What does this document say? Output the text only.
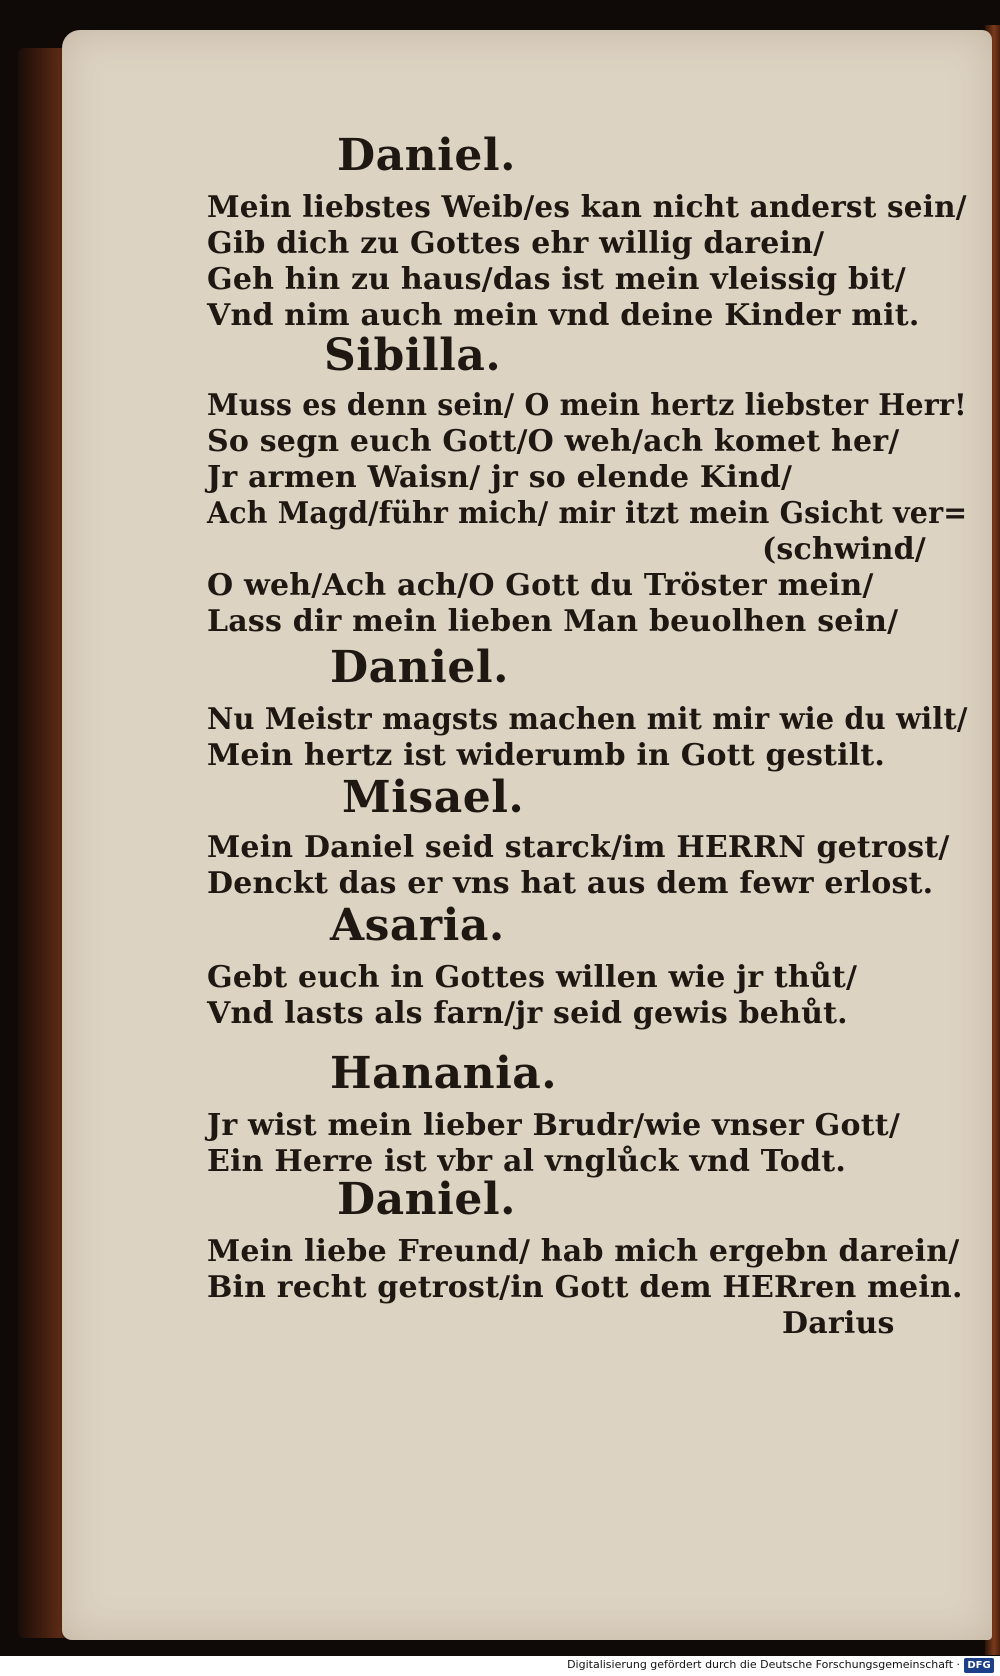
Daniel.
Mein liebstes Weib/es kan nicht anderst sein/
Gib dich zu Gottes ehr willig darein/
Geh hin zu haus/das ist mein vleissig bit/
Vnd nim auch mein vnd deine Kinder mit.
Sibilla.
Muss es denn sein/ O mein hertz liebster Herr!
So segn euch Gott/O weh/ach komet her/
Jr armen Waisn/ jr so elende Kind/
Ach Magd/führ mich/ mir itzt mein Gsicht ver=
(schwind/
O weh/Ach ach/O Gott du Tröster mein/
Lass dir mein lieben Man beuolhen sein/
Daniel.
Nu Meistr magsts machen mit mir wie du wilt/
Mein hertz ist widerumb in Gott gestilt.
Misael.
Mein Daniel seid starck/im HERRN getrost/
Denckt das er vns hat aus dem fewr erlost.
Asaria.
Gebt euch in Gottes willen wie jr thůt/
Vnd lasts als farn/jr seid gewis behůt.
Hanania.
Jr wist mein lieber Brudr/wie vnser Gott/
Ein Herre ist vbr al vnglůck vnd Todt.
Daniel.
Mein liebe Freund/ hab mich ergebn darein/
Bin recht getrost/in Gott dem HERren mein.
Darius
Digitalisierung gefördert durch die Deutsche Forschungsgemeinschaft · DFG
